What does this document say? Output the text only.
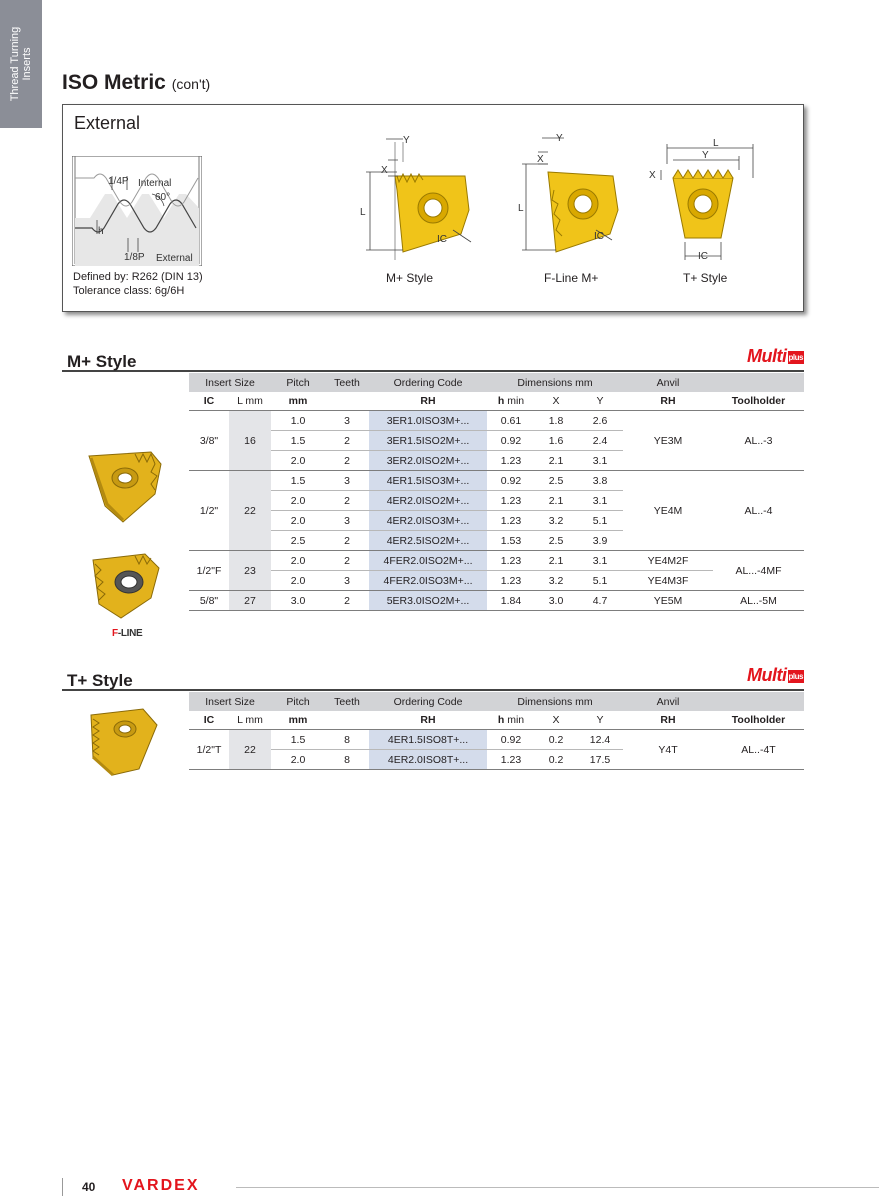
Thread Turning Inserts
ISO Metric (con't)
External
1/4P Internal
60°
h
1/8P External
Defined by: R262 (DIN 13)
Tolerance class: 6g/6H
Y
X
L
IC
M+ Style
Y
X
L
IC
F-Line M+
L
Y
X
IC
T+ Style
M+ Style	Multi plus
F-LINE
Insert Size		Pitch	Teeth	Ordering Code	Dimensions mm			Anvil	
IC	L mm	mm		RH	h min	X	Y	RH	Toolholder
3/8"	16	1.0	3	3ER1.0ISO3M+...	0.61	1.8	2.6	YE3M	AL..-3
		1.5	2	3ER1.5ISO2M+...	0.92	1.6	2.4		
		2.0	2	3ER2.0ISO2M+...	1.23	2.1	3.1		
1/2"	22	1.5	3	4ER1.5ISO3M+...	0.92	2.5	3.8	YE4M	AL..-4
		2.0	2	4ER2.0ISO2M+...	1.23	2.1	3.1		
		2.0	3	4ER2.0ISO3M+...	1.23	3.2	5.1		
		2.5	2	4ER2.5ISO2M+...	1.53	2.5	3.9		
1/2"F	23	2.0	2	4FER2.0ISO2M+...	1.23	2.1	3.1	YE4M2F	AL...-4MF
		2.0	3	4FER2.0ISO3M+...	1.23	3.2	5.1	YE4M3F	
5/8"	27	3.0	2	5ER3.0ISO2M+...	1.84	3.0	4.7	YE5M	AL..-5M
T+ Style	Multi plus
Insert Size		Pitch	Teeth	Ordering Code	Dimensions mm			Anvil	
IC	L mm	mm		RH	h min	X	Y	RH	Toolholder
1/2"T	22	1.5	8	4ER1.5ISO8T+...	0.92	0.2	12.4	Y4T	AL..-4T
		2.0	8	4ER2.0ISO8T+...	1.23	0.2	17.5		
40 VARDEX
